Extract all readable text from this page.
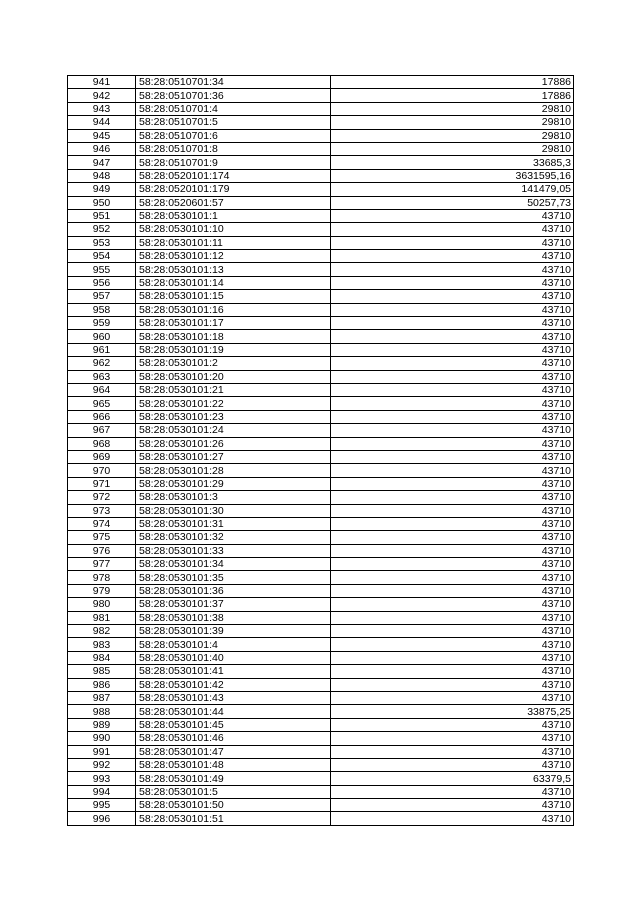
941	58:28:0510701:34	17886
942	58:28:0510701:36	17886
943	58:28:0510701:4	29810
944	58:28:0510701:5	29810
945	58:28:0510701:6	29810
946	58:28:0510701:8	29810
947	58:28:0510701:9	33685,3
948	58:28:0520101:174	3631595,16
949	58:28:0520101:179	141479,05
950	58:28:0520601:57	50257,73
951	58:28:0530101:1	43710
952	58:28:0530101:10	43710
953	58:28:0530101:11	43710
954	58:28:0530101:12	43710
955	58:28:0530101:13	43710
956	58:28:0530101:14	43710
957	58:28:0530101:15	43710
958	58:28:0530101:16	43710
959	58:28:0530101:17	43710
960	58:28:0530101:18	43710
961	58:28:0530101:19	43710
962	58:28:0530101:2	43710
963	58:28:0530101:20	43710
964	58:28:0530101:21	43710
965	58:28:0530101:22	43710
966	58:28:0530101:23	43710
967	58:28:0530101:24	43710
968	58:28:0530101:26	43710
969	58:28:0530101:27	43710
970	58:28:0530101:28	43710
971	58:28:0530101:29	43710
972	58:28:0530101:3	43710
973	58:28:0530101:30	43710
974	58:28:0530101:31	43710
975	58:28:0530101:32	43710
976	58:28:0530101:33	43710
977	58:28:0530101:34	43710
978	58:28:0530101:35	43710
979	58:28:0530101:36	43710
980	58:28:0530101:37	43710
981	58:28:0530101:38	43710
982	58:28:0530101:39	43710
983	58:28:0530101:4	43710
984	58:28:0530101:40	43710
985	58:28:0530101:41	43710
986	58:28:0530101:42	43710
987	58:28:0530101:43	43710
988	58:28:0530101:44	33875,25
989	58:28:0530101:45	43710
990	58:28:0530101:46	43710
991	58:28:0530101:47	43710
992	58:28:0530101:48	43710
993	58:28:0530101:49	63379,5
994	58:28:0530101:5	43710
995	58:28:0530101:50	43710
996	58:28:0530101:51	43710
